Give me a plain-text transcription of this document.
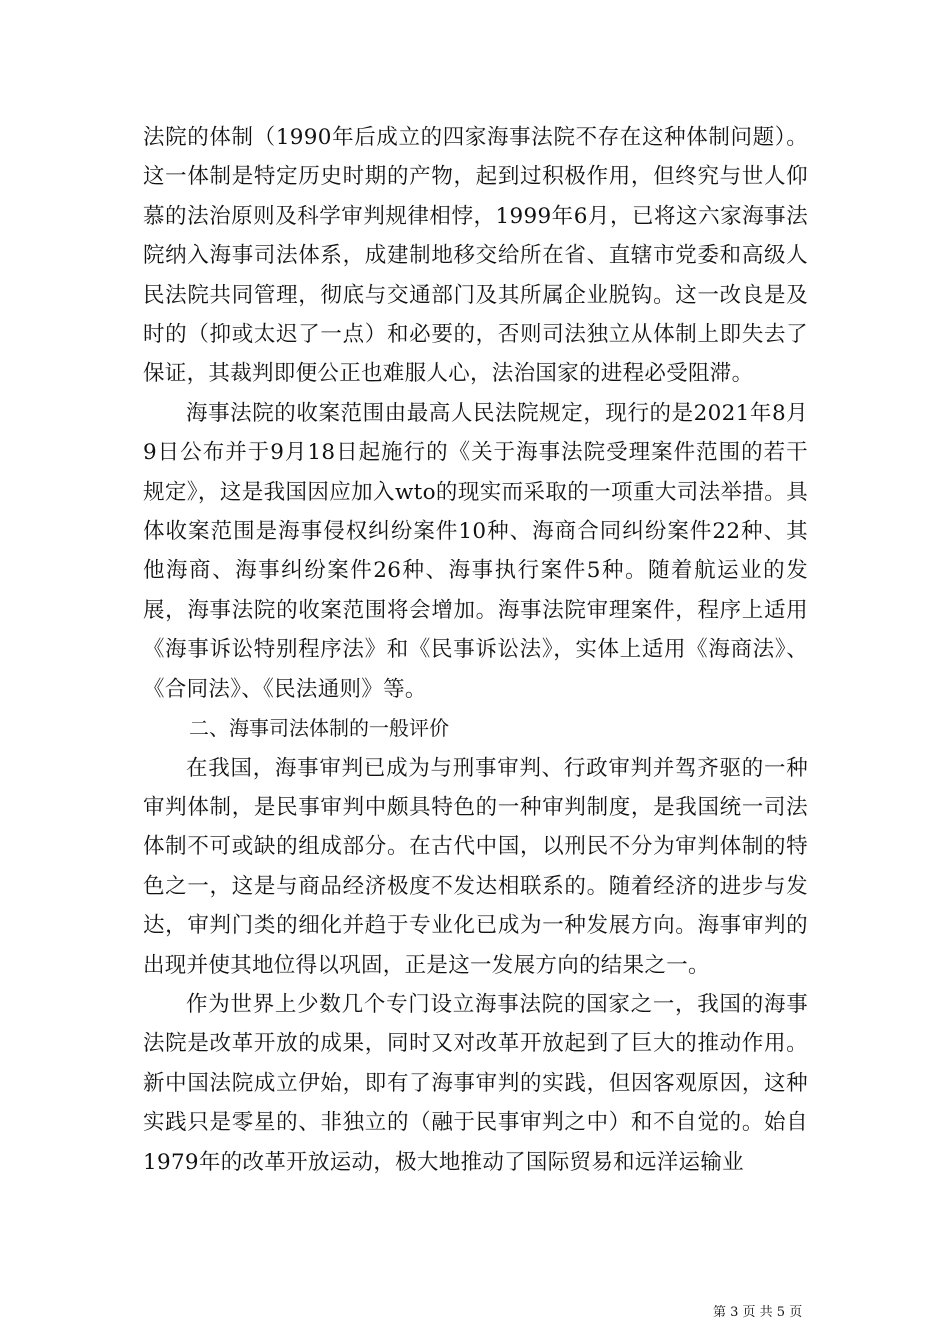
法院的体制（1990年后成立的四家海事法院不存在这种体制问题）。这一体制是特定历史时期的产物，起到过积极作用，但终究与世人仰慕的法治原则及科学审判规律相悖，1999年6月，已将这六家海事法院纳入海事司法体系，成建制地移交给所在省、直辖市党委和高级人民法院共同管理，彻底与交通部门及其所属企业脱钩。这一改良是及时的（抑或太迟了一点）和必要的，否则司法独立从体制上即失去了保证，其裁判即便公正也难服人心，法治国家的进程必受阻滞。

海事法院的收案范围由最高人民法院规定，现行的是2021年8月9日公布并于9月18日起施行的《关于海事法院受理案件范围的若干规定》，这是我国因应加入wto的现实而采取的一项重大司法举措。具体收案范围是海事侵权纠纷案件10种、海商合同纠纷案件22种、其他海商、海事纠纷案件26种、海事执行案件5种。随着航运业的发展，海事法院的收案范围将会增加。海事法院审理案件，程序上适用《海事诉讼特别程序法》和《民事诉讼法》，实体上适用《海商法》、《合同法》、《民法通则》等。

二、海事司法体制的一般评价

在我国，海事审判已成为与刑事审判、行政审判并驾齐驱的一种审判体制，是民事审判中颇具特色的一种审判制度，是我国统一司法体制不可或缺的组成部分。在古代中国，以刑民不分为审判体制的特色之一，这是与商品经济极度不发达相联系的。随着经济的进步与发达，审判门类的细化并趋于专业化已成为一种发展方向。海事审判的出现并使其地位得以巩固，正是这一发展方向的结果之一。

作为世界上少数几个专门设立海事法院的国家之一，我国的海事法院是改革开放的成果，同时又对改革开放起到了巨大的推动作用。新中国法院成立伊始，即有了海事审判的实践，但因客观原因，这种实践只是零星的、非独立的（融于民事审判之中）和不自觉的。始自1979年的改革开放运动，极大地推动了国际贸易和远洋运输业

第 3 页 共 5 页
